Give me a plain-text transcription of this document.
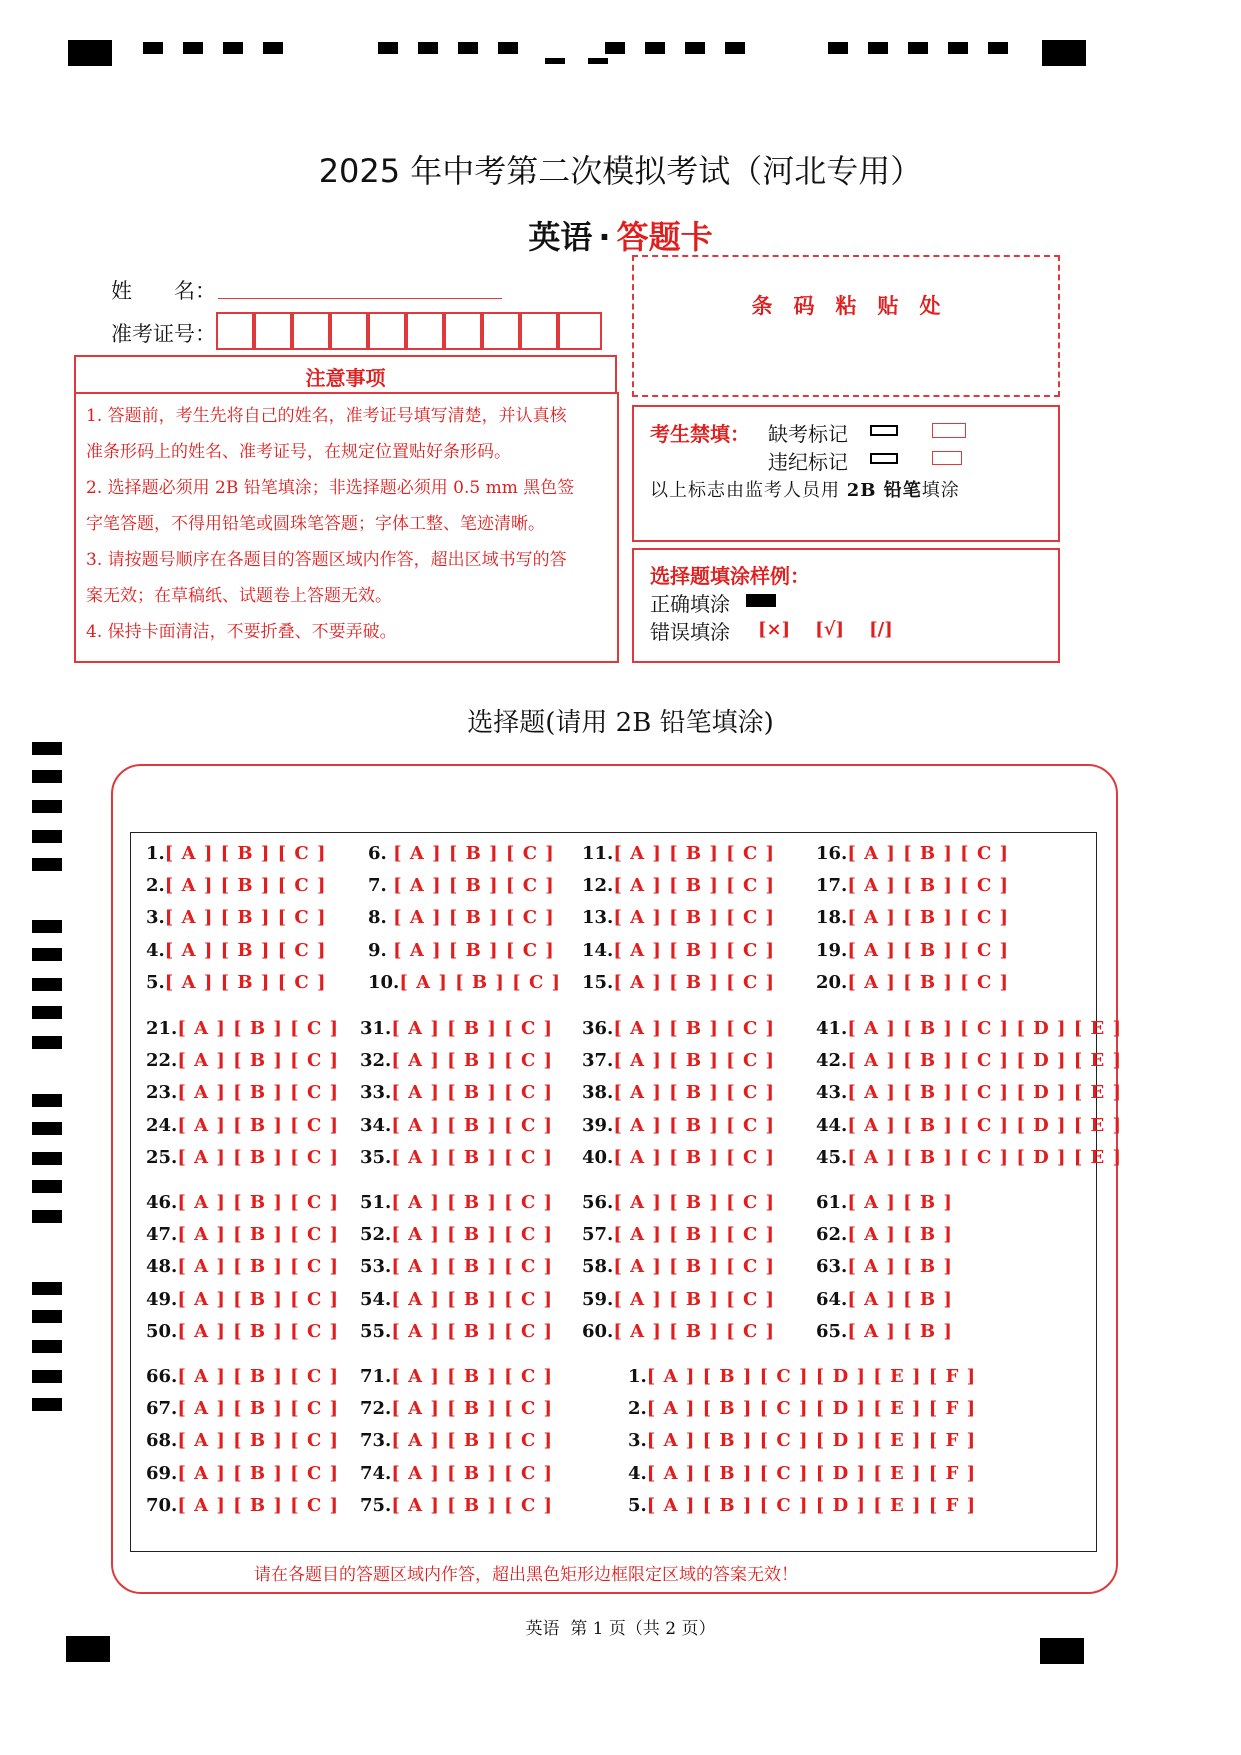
2025 年中考第二次模拟考试（河北专用）
英语 · 答题卡
姓　　名：
准考证号：
条　码　粘　贴　处
注意事项
1. 答题前，考生先将自己的姓名，准考证号填写清楚，并认真核
准条形码上的姓名、准考证号，在规定位置贴好条形码。
2. 选择题必须用 2B 铅笔填涂；非选择题必须用 0.5 mm 黑色签
字笔答题，不得用铅笔或圆珠笔答题；字体工整、笔迹清晰。
3. 请按题号顺序在各题目的答题区域内作答，超出区域书写的答
案无效；在草稿纸、试题卷上答题无效。
4. 保持卡面清洁，不要折叠、不要弄破。
考生禁填： 缺考标记
违纪标记
以上标志由监考人员用 2B 铅笔填涂
选择题填涂样例：
正确填涂
错误填涂 [×]    [√]    [/]
选择题(请用 2B 铅笔填涂)
1.[ A ] [ B ] [ C ]
2.[ A ] [ B ] [ C ]
3.[ A ] [ B ] [ C ]
4.[ A ] [ B ] [ C ]
5.[ A ] [ B ] [ C ]
6. [ A ] [ B ] [ C ]
7. [ A ] [ B ] [ C ]
8. [ A ] [ B ] [ C ]
9. [ A ] [ B ] [ C ]
10.[ A ] [ B ] [ C ]
11.[ A ] [ B ] [ C ]
12.[ A ] [ B ] [ C ]
13.[ A ] [ B ] [ C ]
14.[ A ] [ B ] [ C ]
15.[ A ] [ B ] [ C ]
16.[ A ] [ B ] [ C ]
17.[ A ] [ B ] [ C ]
18.[ A ] [ B ] [ C ]
19.[ A ] [ B ] [ C ]
20.[ A ] [ B ] [ C ]
21.[ A ] [ B ] [ C ]
22.[ A ] [ B ] [ C ]
23.[ A ] [ B ] [ C ]
24.[ A ] [ B ] [ C ]
25.[ A ] [ B ] [ C ]
31.[ A ] [ B ] [ C ]
32.[ A ] [ B ] [ C ]
33.[ A ] [ B ] [ C ]
34.[ A ] [ B ] [ C ]
35.[ A ] [ B ] [ C ]
36.[ A ] [ B ] [ C ]
37.[ A ] [ B ] [ C ]
38.[ A ] [ B ] [ C ]
39.[ A ] [ B ] [ C ]
40.[ A ] [ B ] [ C ]
41.[ A ] [ B ] [ C ] [ D ] [ E ]
42.[ A ] [ B ] [ C ] [ D ] [ E ]
43.[ A ] [ B ] [ C ] [ D ] [ E ]
44.[ A ] [ B ] [ C ] [ D ] [ E ]
45.[ A ] [ B ] [ C ] [ D ] [ E ]
46.[ A ] [ B ] [ C ]
47.[ A ] [ B ] [ C ]
48.[ A ] [ B ] [ C ]
49.[ A ] [ B ] [ C ]
50.[ A ] [ B ] [ C ]
51.[ A ] [ B ] [ C ]
52.[ A ] [ B ] [ C ]
53.[ A ] [ B ] [ C ]
54.[ A ] [ B ] [ C ]
55.[ A ] [ B ] [ C ]
56.[ A ] [ B ] [ C ]
57.[ A ] [ B ] [ C ]
58.[ A ] [ B ] [ C ]
59.[ A ] [ B ] [ C ]
60.[ A ] [ B ] [ C ]
61.[ A ] [ B ]
62.[ A ] [ B ]
63.[ A ] [ B ]
64.[ A ] [ B ]
65.[ A ] [ B ]
66.[ A ] [ B ] [ C ]
67.[ A ] [ B ] [ C ]
68.[ A ] [ B ] [ C ]
69.[ A ] [ B ] [ C ]
70.[ A ] [ B ] [ C ]
71.[ A ] [ B ] [ C ]
72.[ A ] [ B ] [ C ]
73.[ A ] [ B ] [ C ]
74.[ A ] [ B ] [ C ]
75.[ A ] [ B ] [ C ]
1.[ A ] [ B ] [ C ] [ D ] [ E ] [ F ]
2.[ A ] [ B ] [ C ] [ D ] [ E ] [ F ]
3.[ A ] [ B ] [ C ] [ D ] [ E ] [ F ]
4.[ A ] [ B ] [ C ] [ D ] [ E ] [ F ]
5.[ A ] [ B ] [ C ] [ D ] [ E ] [ F ]
请在各题目的答题区域内作答，超出黑色矩形边框限定区域的答案无效！
英语  第 1 页（共 2 页）
